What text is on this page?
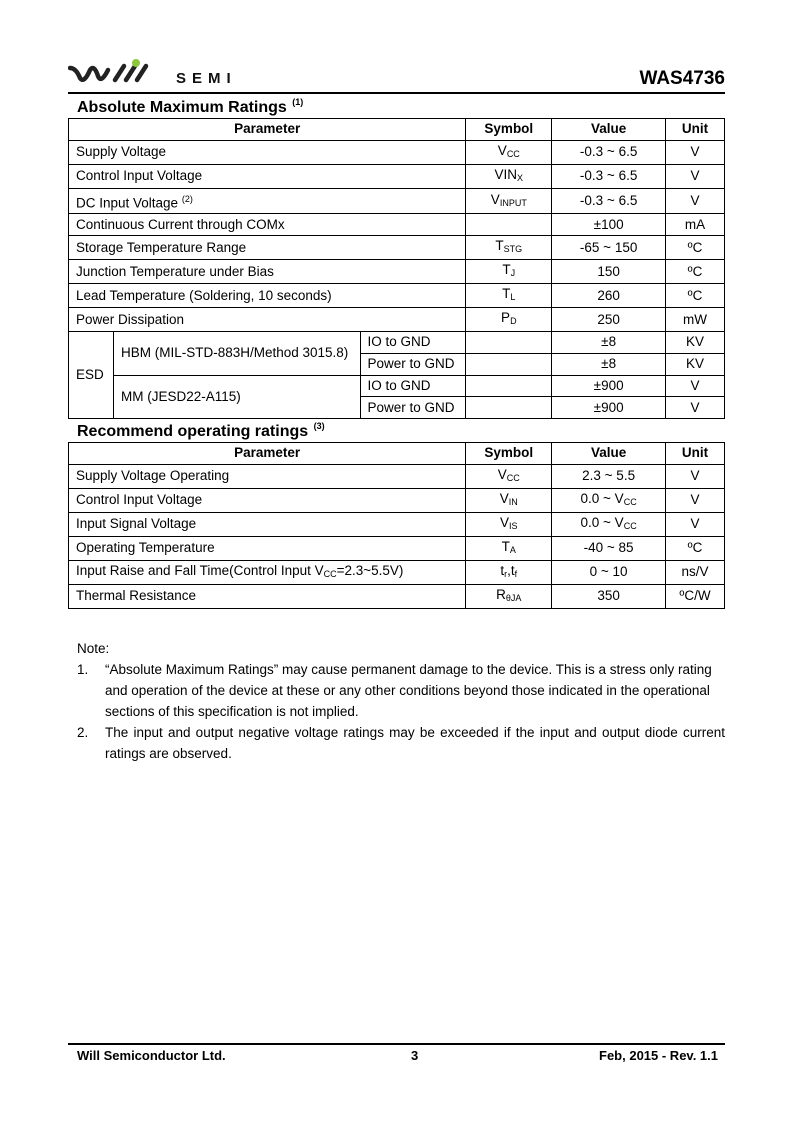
SEMI	WAS4736
Absolute Maximum Ratings $^{(1)}$
Parameter			Symbol	Value	Unit
Supply Voltage			$V_{CC}$	-0.3 ~ 6.5	V
Control Input Voltage			$VIN_X$	-0.3 ~ 6.5	V
DC Input Voltage $^{(2)}$			$V_{INPUT}$	-0.3 ~ 6.5	V
Continuous Current through COMx				±100	mA
Storage Temperature Range			$T_{STG}$	-65 ~ 150	ºC
Junction Temperature under Bias			$T_J$	150	ºC
Lead Temperature (Soldering, 10 seconds)			$T_L$	260	ºC
Power Dissipation			$P_D$	250	mW
ESD	HBM (MIL-STD-883H/Method 3015.8)	IO to GND		±8	KV
		Power to GND		±8	KV
	MM (JESD22-A115)	IO to GND		±900	V
		Power to GND		±900	V
Recommend operating ratings $^{(3)}$
Parameter	Symbol	Value	Unit
Supply Voltage Operating	$V_{CC}$	2.3 ~ 5.5	V
Control Input Voltage	$V_{IN}$	0.0 ~ $V_{CC}$	V
Input Signal Voltage	$V_{IS}$	0.0 ~ $V_{CC}$	V
Operating Temperature	$T_A$	-40 ~ 85	ºC
Input Raise and Fall Time(Control Input $V_{CC}=2.3\sim 5.5V$)	$t_r,t_f$	0 ~ 10	ns/V
Thermal Resistance	$R_{\theta JA}$	350	ºC/W
Note:
1.	“Absolute Maximum Ratings” may cause permanent damage to the device. This is a stress only rating and operation of the device at these or any other conditions beyond those indicated in the operational sections of this specification is not implied.
2.	The input and output negative voltage ratings may be exceeded if the input and output diode current ratings are observed.
Will Semiconductor Ltd.	3	Feb, 2015 - Rev. 1.1
